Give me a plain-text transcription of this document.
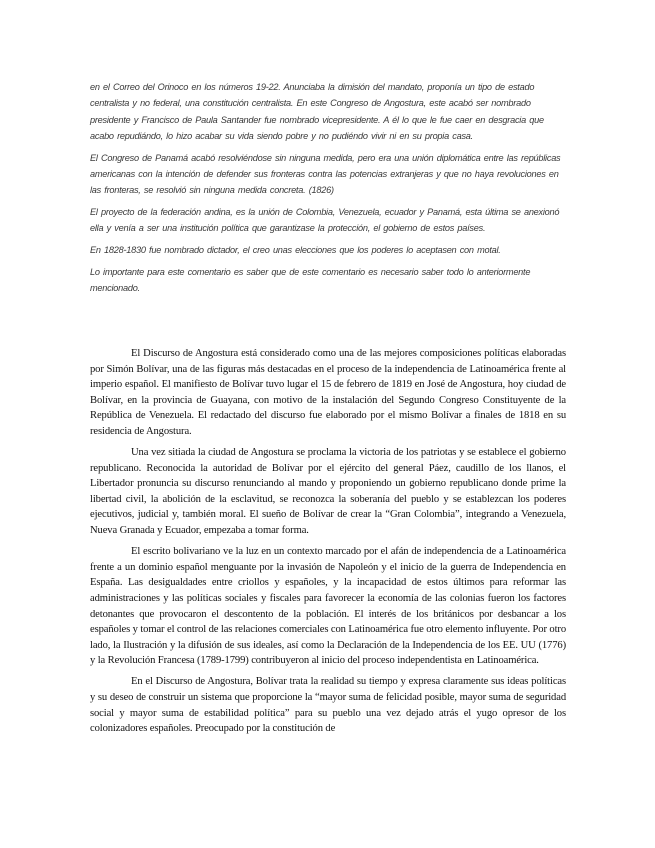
en el Correo del Orinoco en los números 19-22. Anunciaba la dimisión del mandato, proponía un tipo de estado centralista y no federal, una constitución centralista. En este Congreso de Angostura, este acabó ser nombrado presidente y Francisco de Paula Santander fue nombrado vicepresidente. A él lo que le fue caer en desgracia que acabo repudiándo, lo hizo acabar su vida siendo pobre y no pudiéndo vivir ni en su propia casa.

El Congreso de Panamá acabó resolviéndose sin ninguna medida, pero era una unión diplomática entre las repúblicas americanas con la intención de defender sus fronteras contra las potencias extranjeras y que no haya revoluciones en las fronteras, se resolvió sin ninguna medida concreta. (1826)

El proyecto de la federación andina, es la unión de Colombia, Venezuela, ecuador y Panamá, esta última se anexionó ella y venía a ser una institución política que garantizase la protección, el gobierno de estos países.

En 1828-1830 fue nombrado dictador, el creo unas elecciones que los poderes lo aceptasen con motal.

Lo importante para este comentario es saber que de este comentario es necesario saber todo lo anteriormente mencionado.

El Discurso de Angostura está considerado como una de las mejores composiciones políticas elaboradas por Simón Bolívar, una de las figuras más destacadas en el proceso de la independencia de Latinoamérica frente al imperio español. El manifiesto de Bolívar tuvo lugar el 15 de febrero de 1819 en José de Angostura, hoy ciudad de Bolívar, en la provincia de Guayana, con motivo de la instalación del Segundo Congreso Constituyente de la República de Venezuela. El redactado del discurso fue elaborado por el mismo Bolívar a finales de 1818 en su residencia de Angostura.

Una vez sitiada la ciudad de Angostura se proclama la victoria de los patriotas y se establece el gobierno republicano. Reconocida la autoridad de Bolívar por el ejército del general Páez, caudillo de los llanos, el Libertador pronuncia su discurso renunciando al mando y proponiendo un gobierno republicano donde prime la libertad civil, la abolición de la esclavitud, se reconozca la soberanía del pueblo y se establezcan los poderes ejecutivos, judicial y, también moral. El sueño de Bolívar de crear la “Gran Colombia”, integrando a Venezuela, Nueva Granada y Ecuador, empezaba a tomar forma.

El escrito bolivariano ve la luz en un contexto marcado por el afán de independencia de a Latinoamérica frente a un dominio español menguante por la invasión de Napoleón y el inicio de la guerra de Independencia en España. Las desigualdades entre criollos y españoles, y la incapacidad de estos últimos para reformar las administraciones y las políticas sociales y fiscales para favorecer la economía de las colonias fueron los factores detonantes que provocaron el descontento de la población. El interés de los británicos por desbancar a los españoles y tomar el control de las relaciones comerciales con Latinoamérica fue otro elemento influyente. Por otro lado, la Ilustración y la difusión de sus ideales, así como la Declaración de la Independencia de los EE. UU (1776) y la Revolución Francesa (1789-1799) contribuyeron al inicio del proceso independentista en Latinoamérica.

En el Discurso de Angostura, Bolívar trata la realidad su tiempo y expresa claramente sus ideas políticas y su deseo de construir un sistema que proporcione la “mayor suma de felicidad posible, mayor suma de seguridad social y mayor suma de estabilidad política” para su pueblo una vez dejado atrás el yugo opresor de los colonizadores españoles. Preocupado por la constitución de
